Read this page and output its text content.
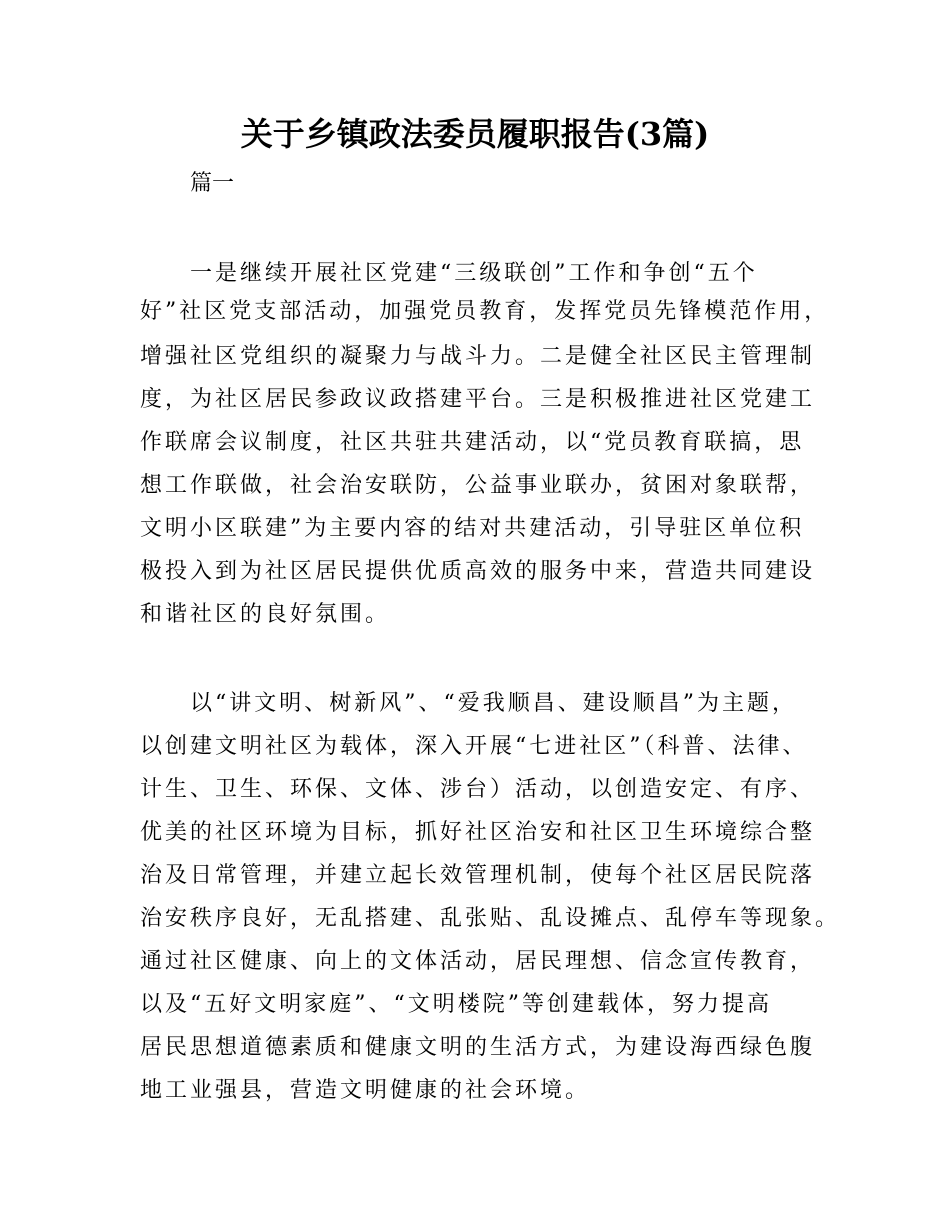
关于乡镇政法委员履职报告(3篇)
篇一
一是继续开展社区党建“三级联创”工作和争创“五个
好”社区党支部活动，加强党员教育，发挥党员先锋模范作用，
增强社区党组织的凝聚力与战斗力。二是健全社区民主管理制
度，为社区居民参政议政搭建平台。三是积极推进社区党建工
作联席会议制度，社区共驻共建活动，以“党员教育联搞，思
想工作联做，社会治安联防，公益事业联办，贫困对象联帮，
文明小区联建”为主要内容的结对共建活动，引导驻区单位积
极投入到为社区居民提供优质高效的服务中来，营造共同建设
和谐社区的良好氛围。
以“讲文明、树新风”、“爱我顺昌、建设顺昌”为主题，
以创建文明社区为载体，深入开展“七进社区”（科普、法律、
计生、卫生、环保、文体、涉台）活动，以创造安定、有序、
优美的社区环境为目标，抓好社区治安和社区卫生环境综合整
治及日常管理，并建立起长效管理机制，使每个社区居民院落
治安秩序良好，无乱搭建、乱张贴、乱设摊点、乱停车等现象。
通过社区健康、向上的文体活动，居民理想、信念宣传教育，
以及“五好文明家庭”、“文明楼院”等创建载体，努力提高
居民思想道德素质和健康文明的生活方式，为建设海西绿色腹
地工业强县，营造文明健康的社会环境。
